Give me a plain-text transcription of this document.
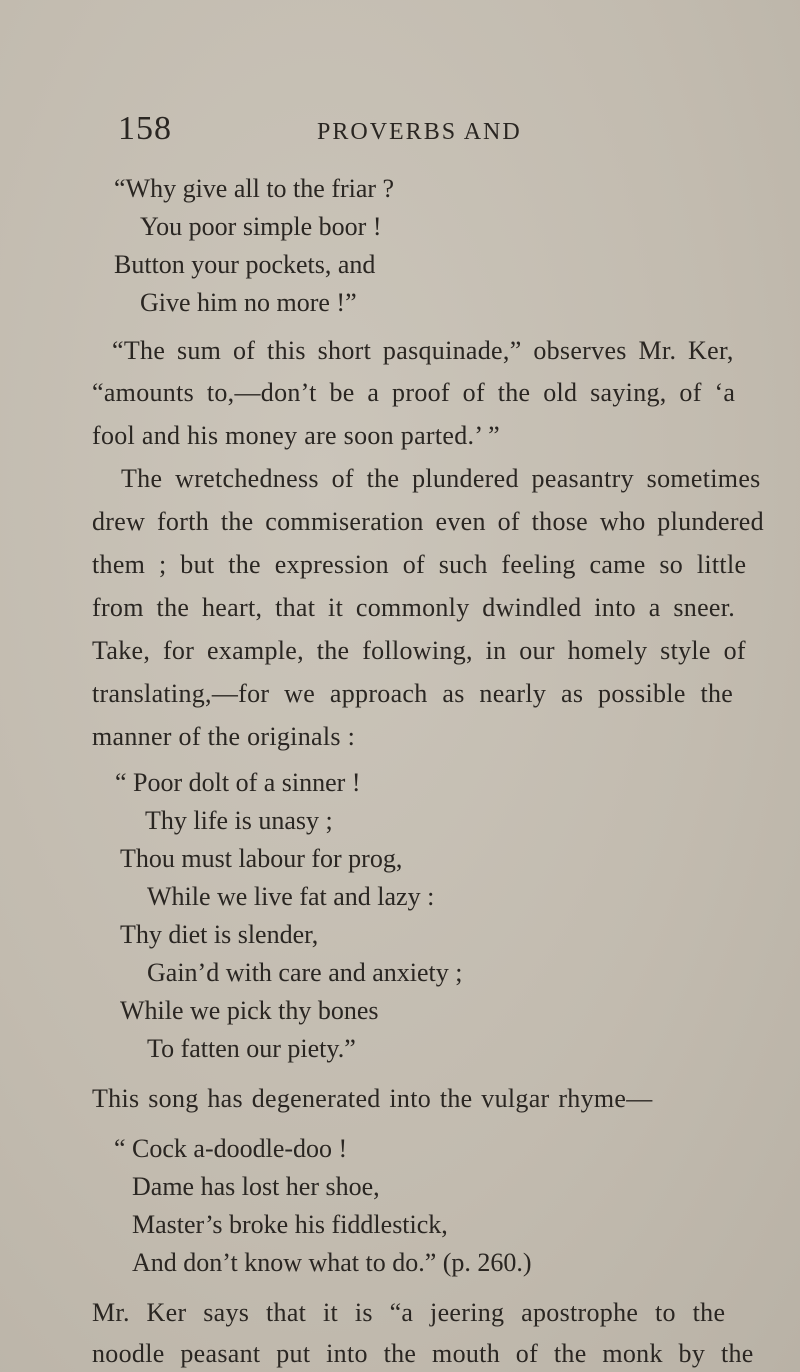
158	PROVERBS AND
“Why give all to the friar ?
You poor simple boor !
Button your pockets, and
Give him no more !”
“The sum of this short pasquinade,” observes Mr. Ker,
“amounts to,—don’t be a proof of the old saying, of ‘a
fool and his money are soon parted.’ ”
The wretchedness of the plundered peasantry sometimes
drew forth the commiseration even of those who plundered
them ; but the expression of such feeling came so little
from the heart, that it commonly dwindled into a sneer.
Take, for example, the following, in our homely style of
translating,—for we approach as nearly as possible the
manner of the originals :
“ Poor dolt of a sinner !
Thy life is unasy ;
Thou must labour for prog,
While we live fat and lazy :
Thy diet is slender,
Gain’d with care and anxiety ;
While we pick thy bones
To fatten our piety.”
This song has degenerated into the vulgar rhyme—
“ Cock a-doodle-doo !
Dame has lost her shoe,
Master’s broke his fiddlestick,
And don’t know what to do.” (p. 260.)
Mr. Ker says that it is “a jeering apostrophe to the
noodle peasant put into the mouth of the monk by the
